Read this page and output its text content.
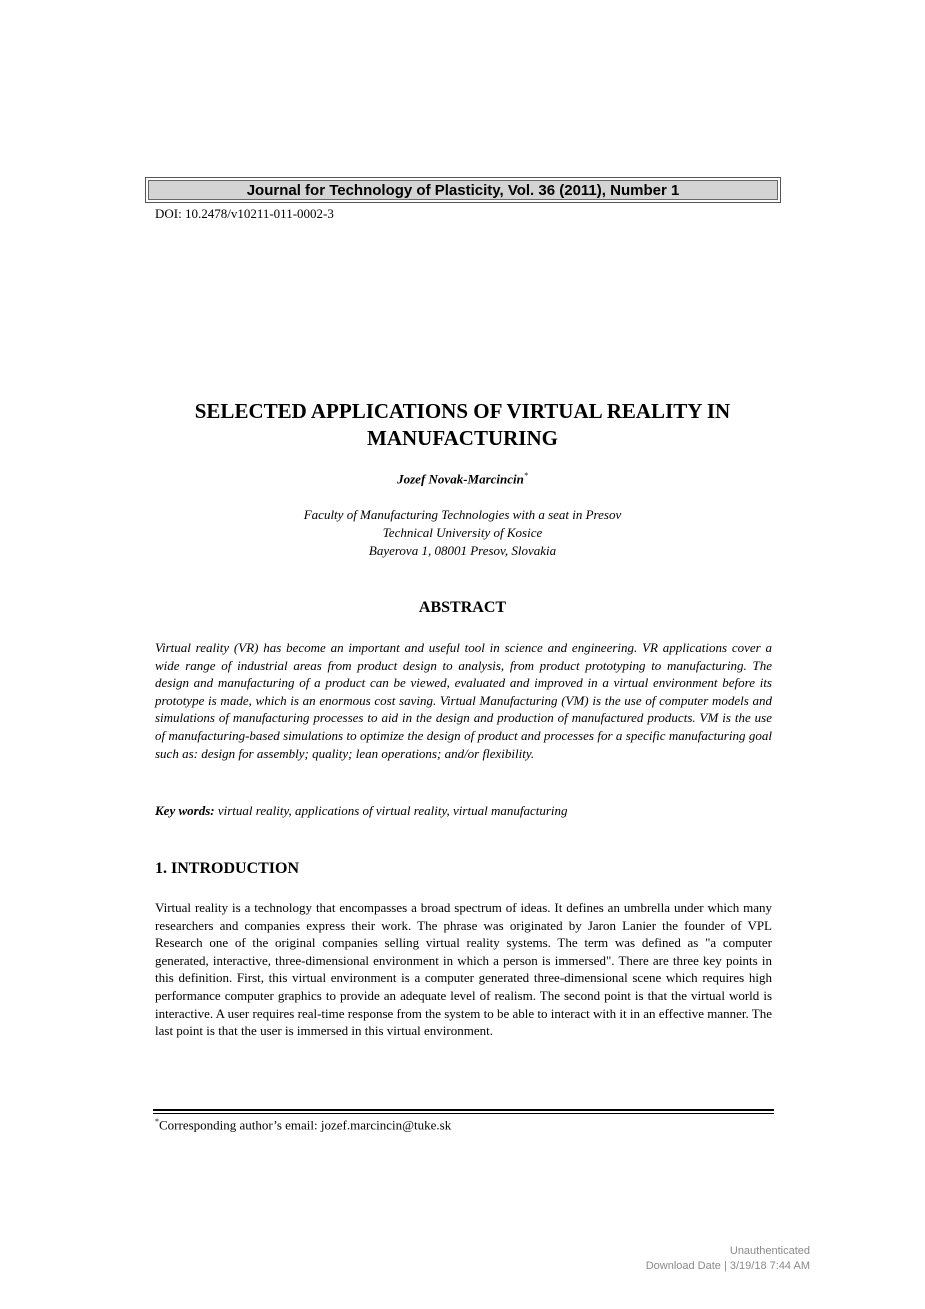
Journal for Technology of Plasticity, Vol. 36 (2011), Number 1
DOI: 10.2478/v10211-011-0002-3
SELECTED APPLICATIONS OF VIRTUAL REALITY IN
MANUFACTURING
Jozef Novak-Marcincin*
Faculty of Manufacturing Technologies with a seat in Presov
Technical University of Kosice
Bayerova 1, 08001 Presov, Slovakia
ABSTRACT
Virtual reality (VR) has become an important and useful tool in science and engineering. VR applications cover a wide range of industrial areas from product design to analysis, from product prototyping to manufacturing. The design and manufacturing of a product can be viewed, evaluated and improved in a virtual environment before its prototype is made, which is an enormous cost saving. Virtual Manufacturing (VM) is the use of computer models and simulations of manufacturing processes to aid in the design and production of manufactured products. VM is the use of manufacturing-based simulations to optimize the design of product and processes for a specific manufacturing goal such as: design for assembly; quality; lean operations; and/or flexibility.
Key words: virtual reality, applications of virtual reality, virtual manufacturing
1. INTRODUCTION
Virtual reality is a technology that encompasses a broad spectrum of ideas. It defines an umbrella under which many researchers and companies express their work. The phrase was originated by Jaron Lanier the founder of VPL Research one of the original companies selling virtual reality systems. The term was defined as "a computer generated, interactive, three-dimensional environment in which a person is immersed". There are three key points in this definition. First, this virtual environment is a computer generated three-dimensional scene which requires high performance computer graphics to provide an adequate level of realism. The second point is that the virtual world is interactive. A user requires real-time response from the system to be able to interact with it in an effective manner. The last point is that the user is immersed in this virtual environment.
*Corresponding author’s email: jozef.marcincin@tuke.sk
Unauthenticated
Download Date | 3/19/18 7:44 AM
